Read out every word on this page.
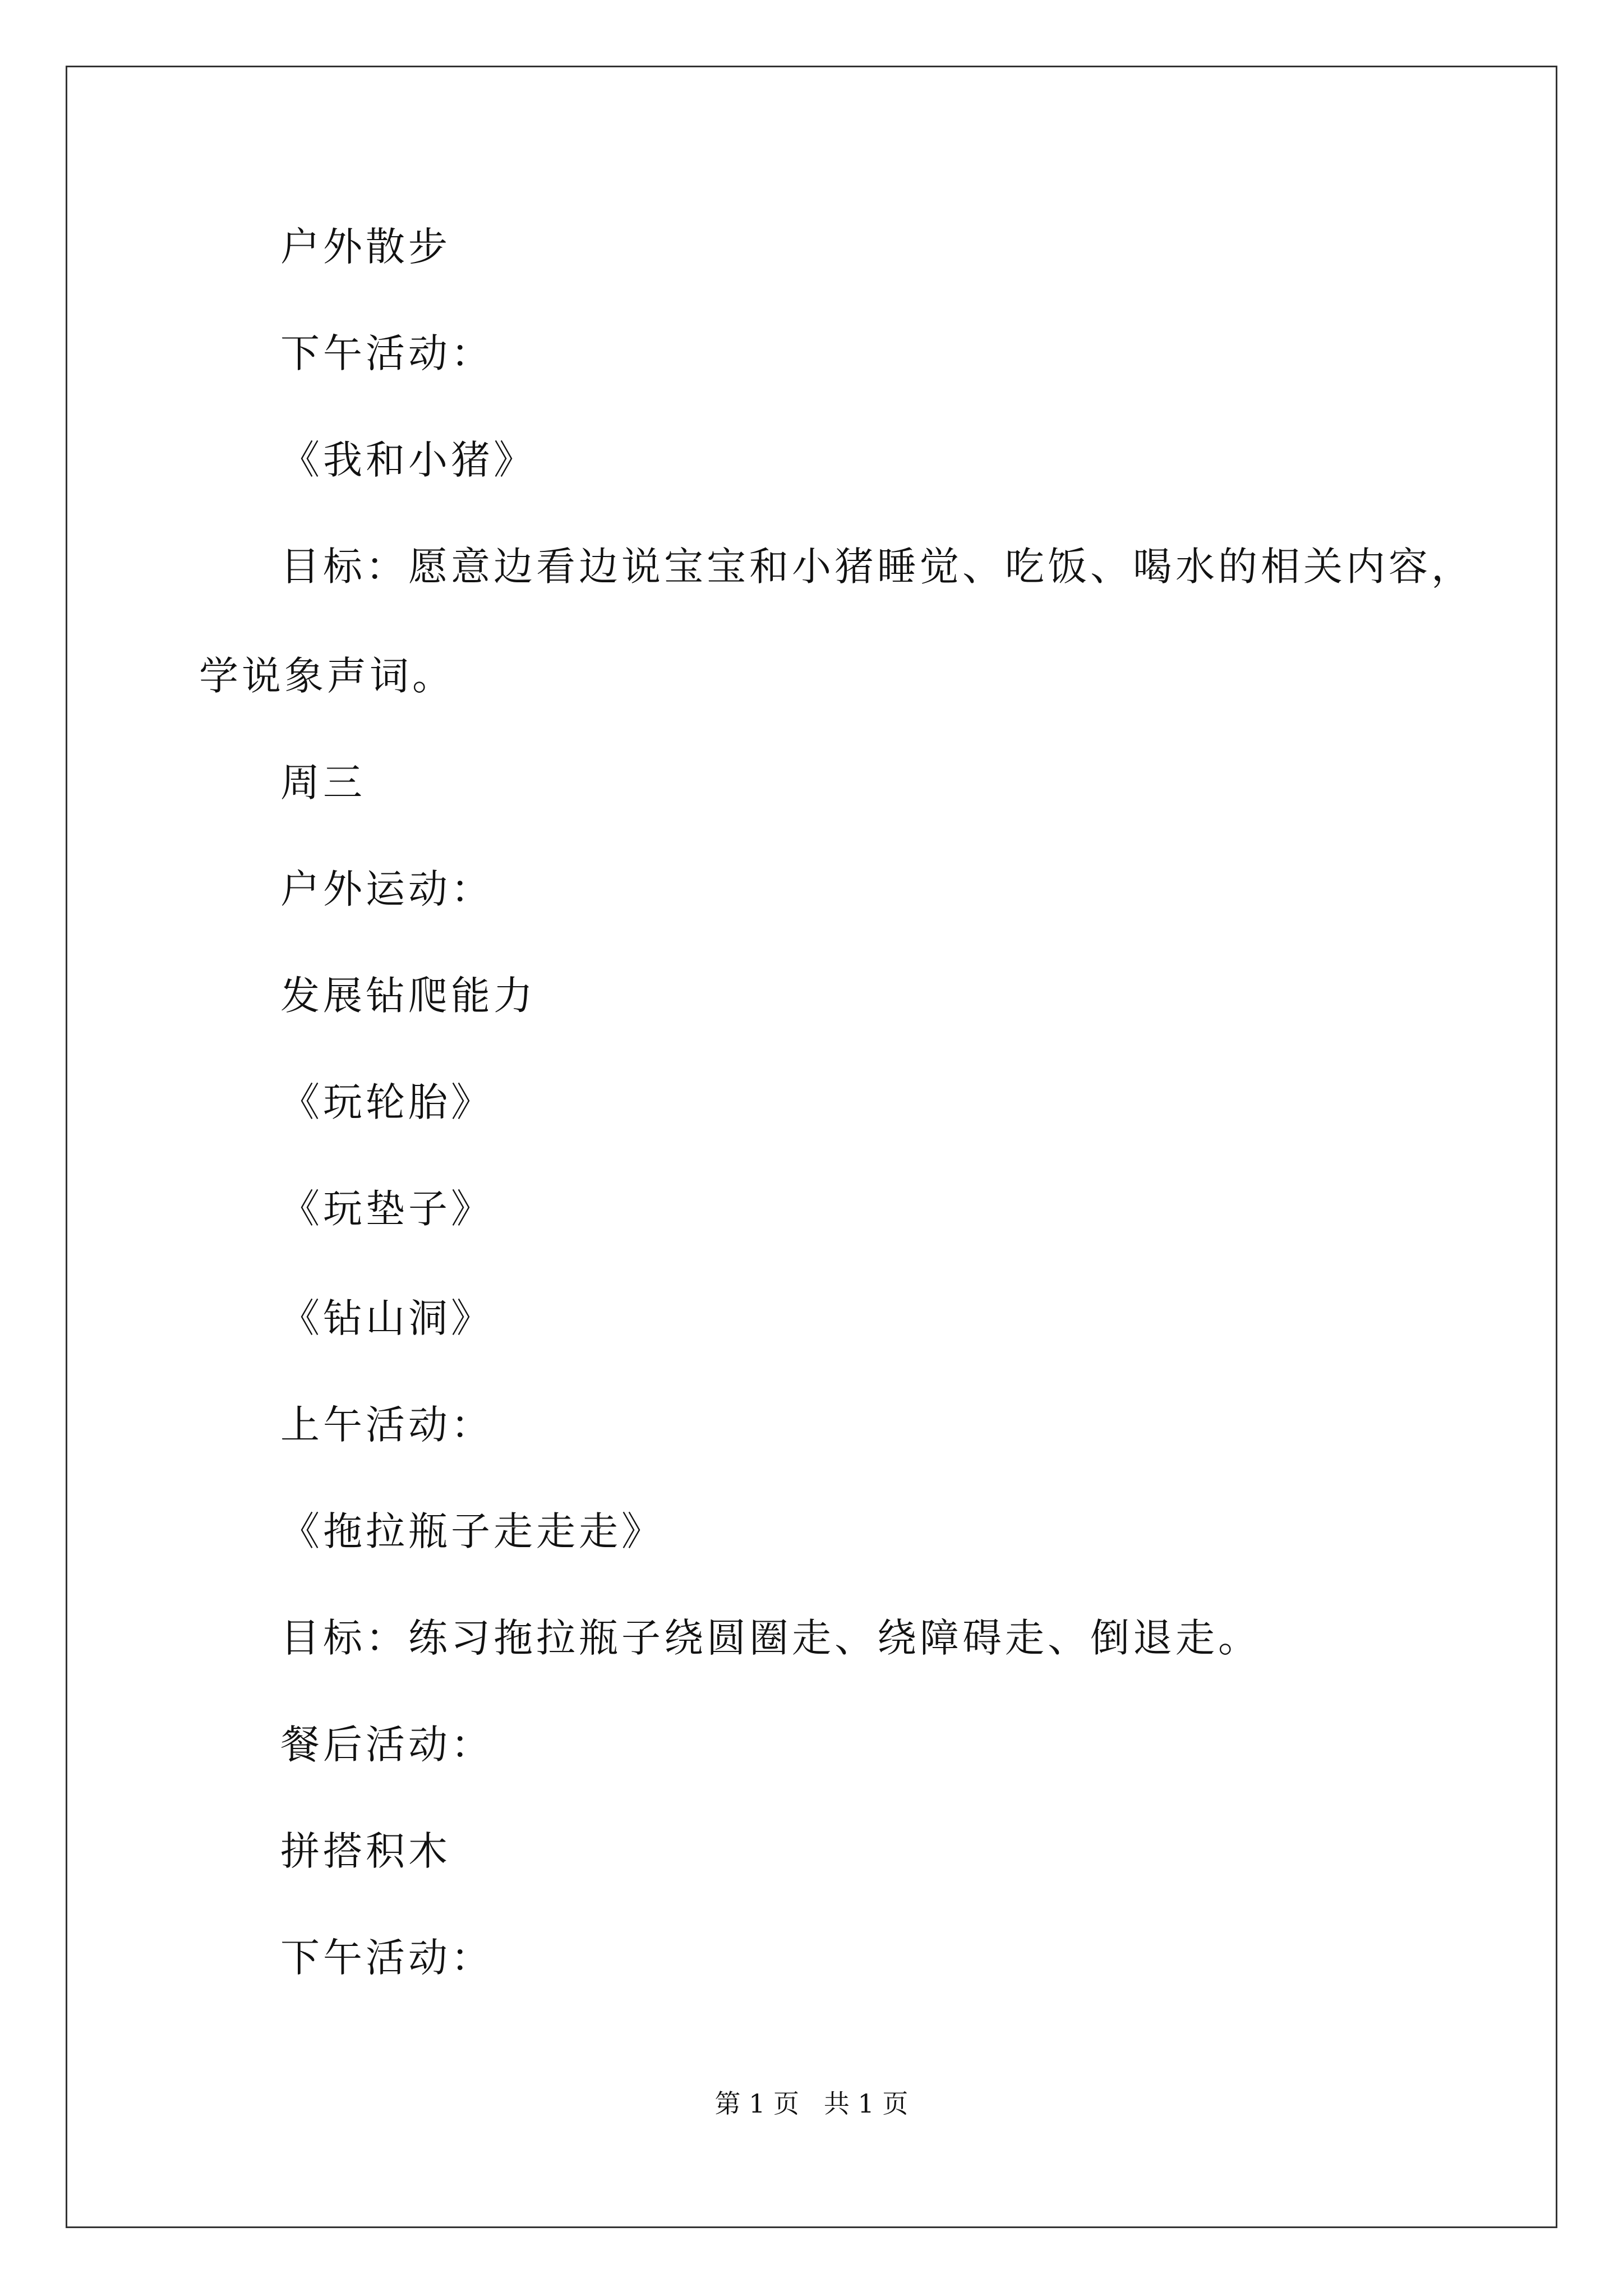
户外散步
下午活动：
《我和小猪》
目标：愿意边看边说宝宝和小猪睡觉、吃饭、喝水的相关内容，
学说象声词。
周三
户外运动：
发展钻爬能力
《玩轮胎》
《玩垫子》
《钻山洞》
上午活动：
《拖拉瓶子走走走》
目标：练习拖拉瓶子绕圆圈走、绕障碍走、倒退走。
餐后活动：
拼搭积木
下午活动：
第 1 页   共 1 页
